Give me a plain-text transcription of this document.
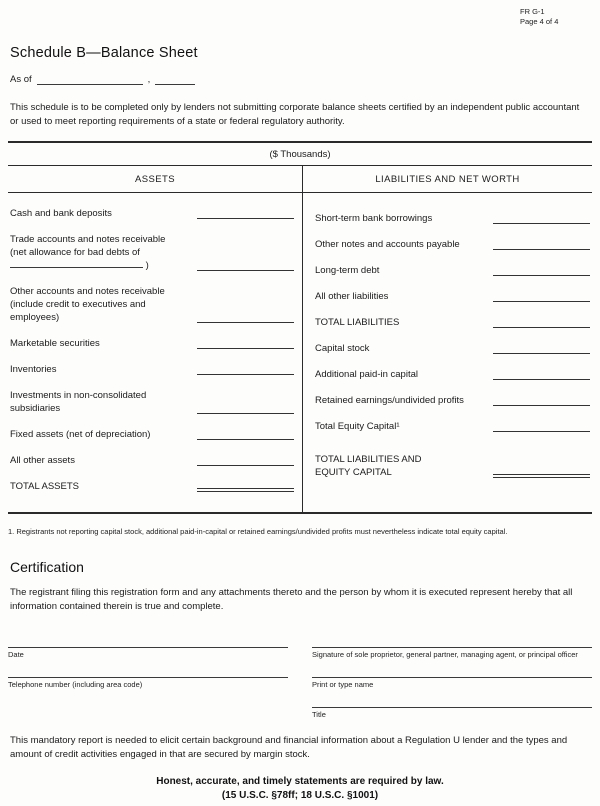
FR G-1
Page 4 of 4
Schedule B—Balance Sheet
As of	,
This schedule is to be completed only by lenders not submitting corporate balance sheets certified by an independent public accountant or used to meet reporting requirements of a state or federal regulatory authority.
($ Thousands)
ASSETS	LIABILITIES AND NET WORTH
Cash and bank deposits
Trade accounts and notes receivable
(net allowance for bad debts of
)
Other accounts and notes receivable
(include credit to executives and
employees)
Marketable securities
Inventories
Investments in non-consolidated
subsidiaries
Fixed assets (net of depreciation)
All other assets
TOTAL ASSETS
Short-term bank borrowings
Other notes and accounts payable
Long-term debt
All other liabilities
TOTAL LIABILITIES
Capital stock
Additional paid-in capital
Retained earnings/undivided profits
Total Equity Capital¹
TOTAL LIABILITIES AND
EQUITY CAPITAL
1. Registrants not reporting capital stock, additional paid-in-capital or retained earnings/undivided profits must nevertheless indicate total equity capital.
Certification
The registrant filing this registration form and any attachments thereto and the person by whom it is executed represent hereby that all information contained therein is true and complete.
Date
Telephone number (including area code)
Signature of sole proprietor, general partner, managing agent, or principal officer
Print or type name
Title
This mandatory report is needed to elicit certain background and financial information about a Regulation U lender and the types and amount of credit activities engaged in that are secured by margin stock.
Honest, accurate, and timely statements are required by law.
(15 U.S.C. §78ff; 18 U.S.C. §1001)
